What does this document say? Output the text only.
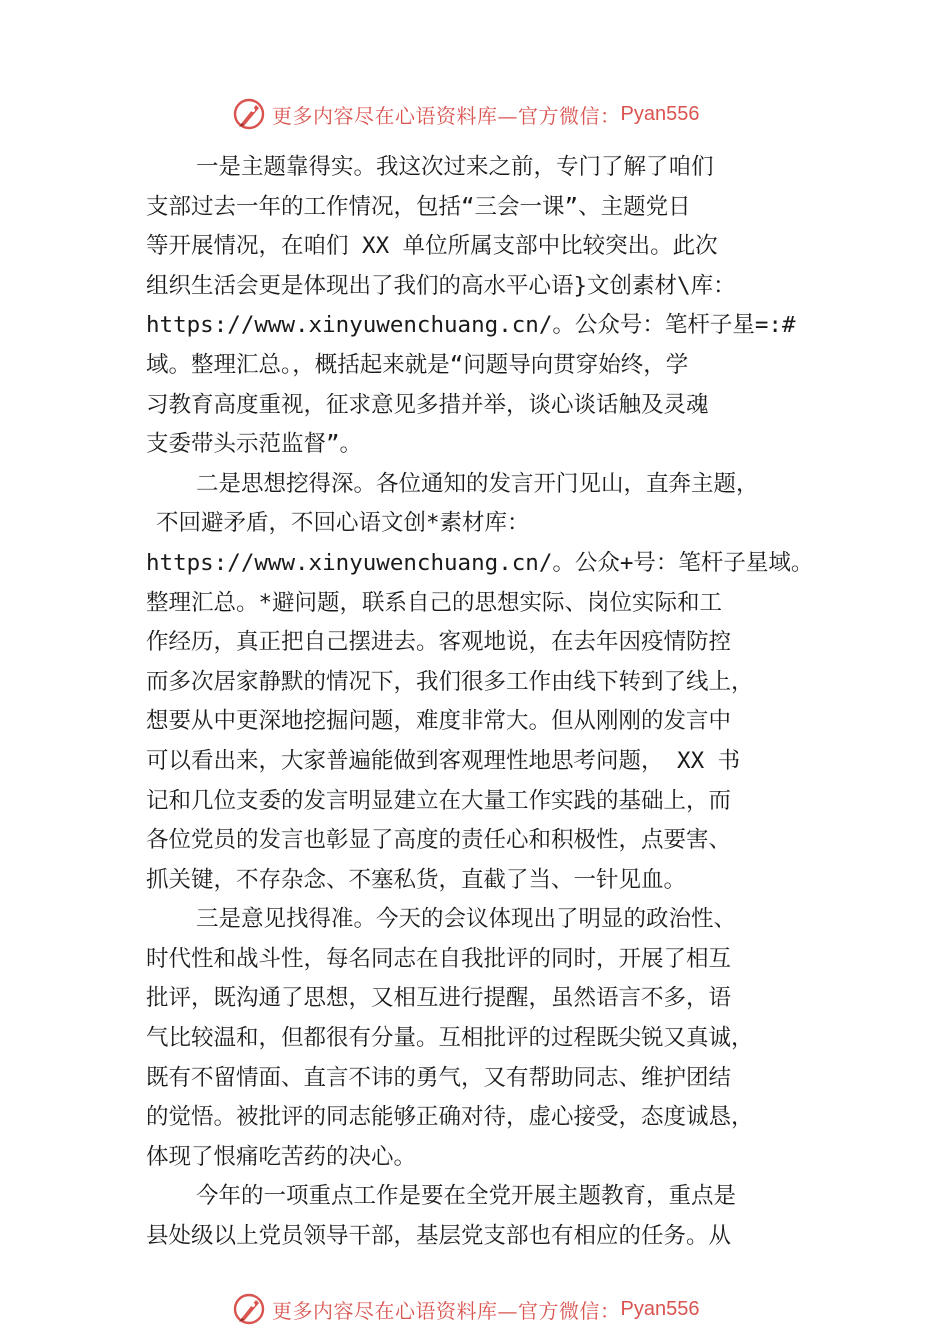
更多内容尽在心语资料库—官方微信： Pyan556
一是主题靠得实。我这次过来之前，专门了解了咱们
支部过去一年的工作情况，包括“三会一课”、主题党日
等开展情况，在咱们 XX 单位所属支部中比较突出。此次
组织生活会更是体现出了我们的高水平心语}文创素材\库：
https://www.xinyuwenchuang.cn/。公众号：笔杆子星=:#
域。整理汇总。，概括起来就是“问题导向贯穿始终，学
习教育高度重视，征求意见多措并举，谈心谈话触及灵魂
支委带头示范监督”。
二是思想挖得深。各位通知的发言开门见山，直奔主题，
不回避矛盾，不回心语文创*素材库：
https://www.xinyuwenchuang.cn/。公众+号：笔杆子星域。
整理汇总。*避问题，联系自己的思想实际、岗位实际和工
作经历，真正把自己摆进去。客观地说，在去年因疫情防控
而多次居家静默的情况下，我们很多工作由线下转到了线上，
想要从中更深地挖掘问题，难度非常大。但从刚刚的发言中
可以看出来，大家普遍能做到客观理性地思考问题， XX 书
记和几位支委的发言明显建立在大量工作实践的基础上，而
各位党员的发言也彰显了高度的责任心和积极性，点要害、
抓关键，不存杂念、不塞私货，直截了当、一针见血。
三是意见找得准。今天的会议体现出了明显的政治性、
时代性和战斗性，每名同志在自我批评的同时，开展了相互
批评，既沟通了思想，又相互进行提醒，虽然语言不多，语
气比较温和，但都很有分量。互相批评的过程既尖锐又真诚，
既有不留情面、直言不讳的勇气，又有帮助同志、维护团结
的觉悟。被批评的同志能够正确对待，虚心接受，态度诚恳，
体现了恨痛吃苦药的决心。
今年的一项重点工作是要在全党开展主题教育，重点是
县处级以上党员领导干部，基层党支部也有相应的任务。从
更多内容尽在心语资料库—官方微信： Pyan556
